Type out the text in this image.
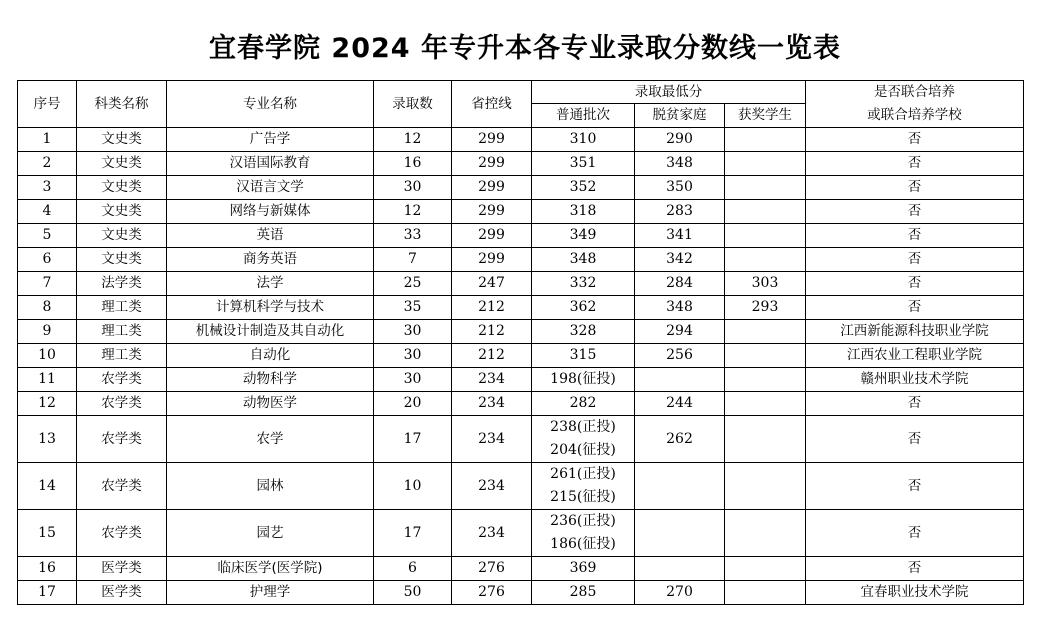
宜春学院 2024 年专升本各专业录取分数线一览表
序号	科类名称	专业名称	录取数	省控线	录取最低分			是否联合培养
或联合培养学校

					普通批次	脱贫家庭	获奖学生	
1	文史类	广告学	12	299	310	290		否
2	文史类	汉语国际教育	16	299	351	348		否
3	文史类	汉语言文学	30	299	352	350		否
4	文史类	网络与新媒体	12	299	318	283		否
5	文史类	英语	33	299	349	341		否
6	文史类	商务英语	7	299	348	342		否
7	法学类	法学	25	247	332	284	303	否
8	理工类	计算机科学与技术	35	212	362	348	293	否
9	理工类	机械设计制造及其自动化	30	212	328	294		江西新能源科技职业学院
10	理工类	自动化	30	212	315	256		江西农业工程职业学院
11	农学类	动物科学	30	234	198(征投)			赣州职业技术学院
12	农学类	动物医学	20	234	282	244		否
13	农学类	农学	17	234	238(正投)
204(征投)	262		否
14	农学类	园林	10	234	261(正投)
215(征投)			否
15	农学类	园艺	17	234	236(正投)
186(征投)			否
16	医学类	临床医学(医学院)	6	276	369			否
17	医学类	护理学	50	276	285	270		宜春职业技术学院
